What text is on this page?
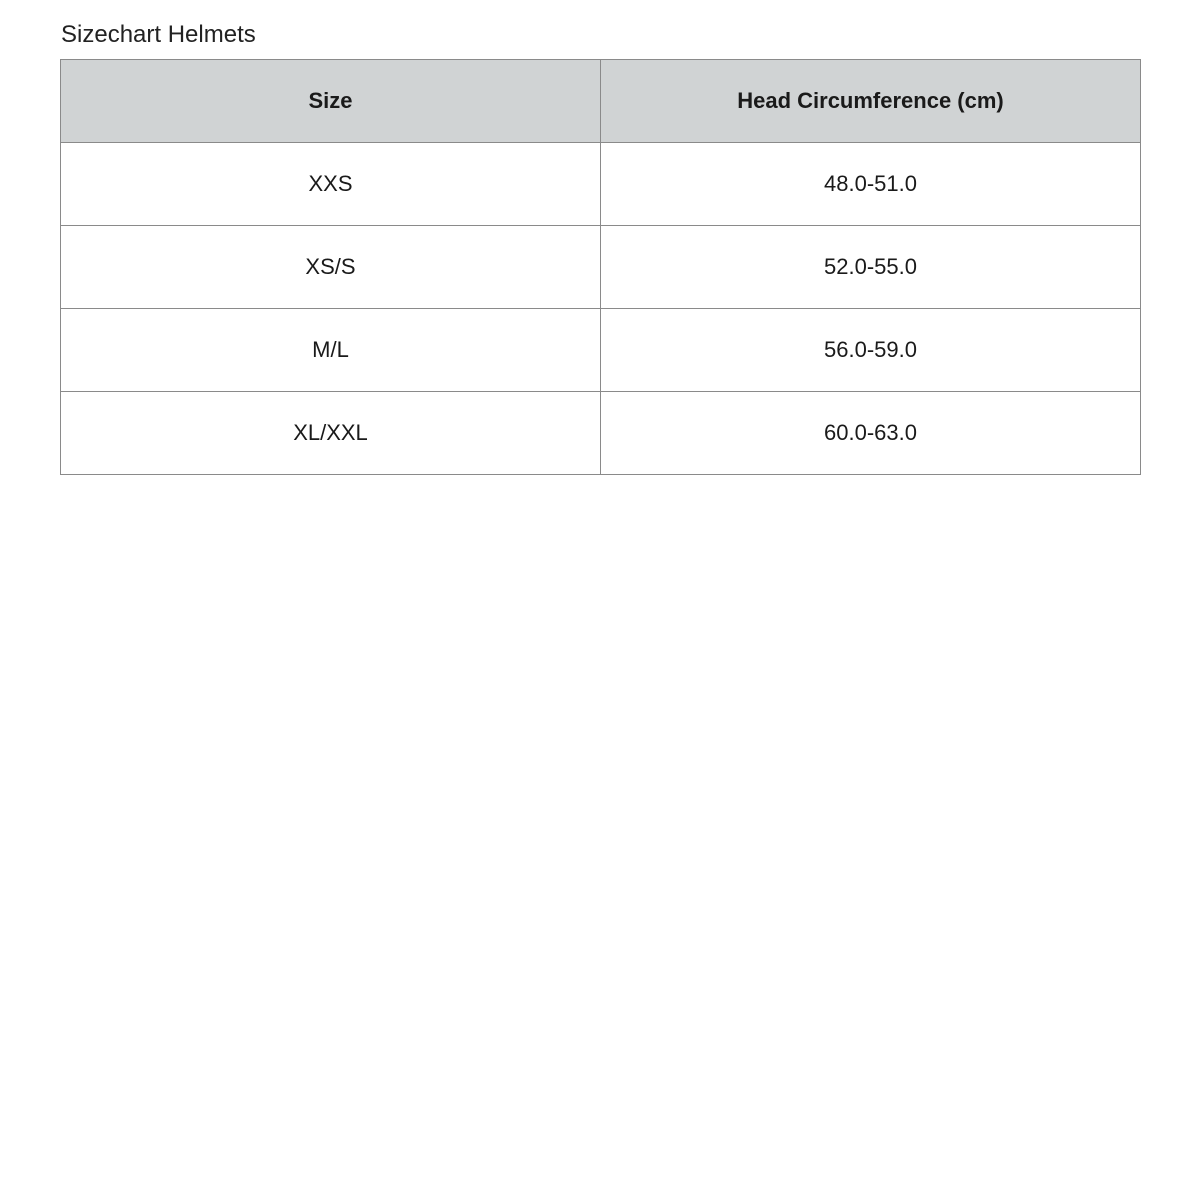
Sizechart Helmets
Size	Head Circumference (cm)
XXS	48.0-51.0
XS/S	52.0-55.0
M/L	56.0-59.0
XL/XXL	60.0-63.0
